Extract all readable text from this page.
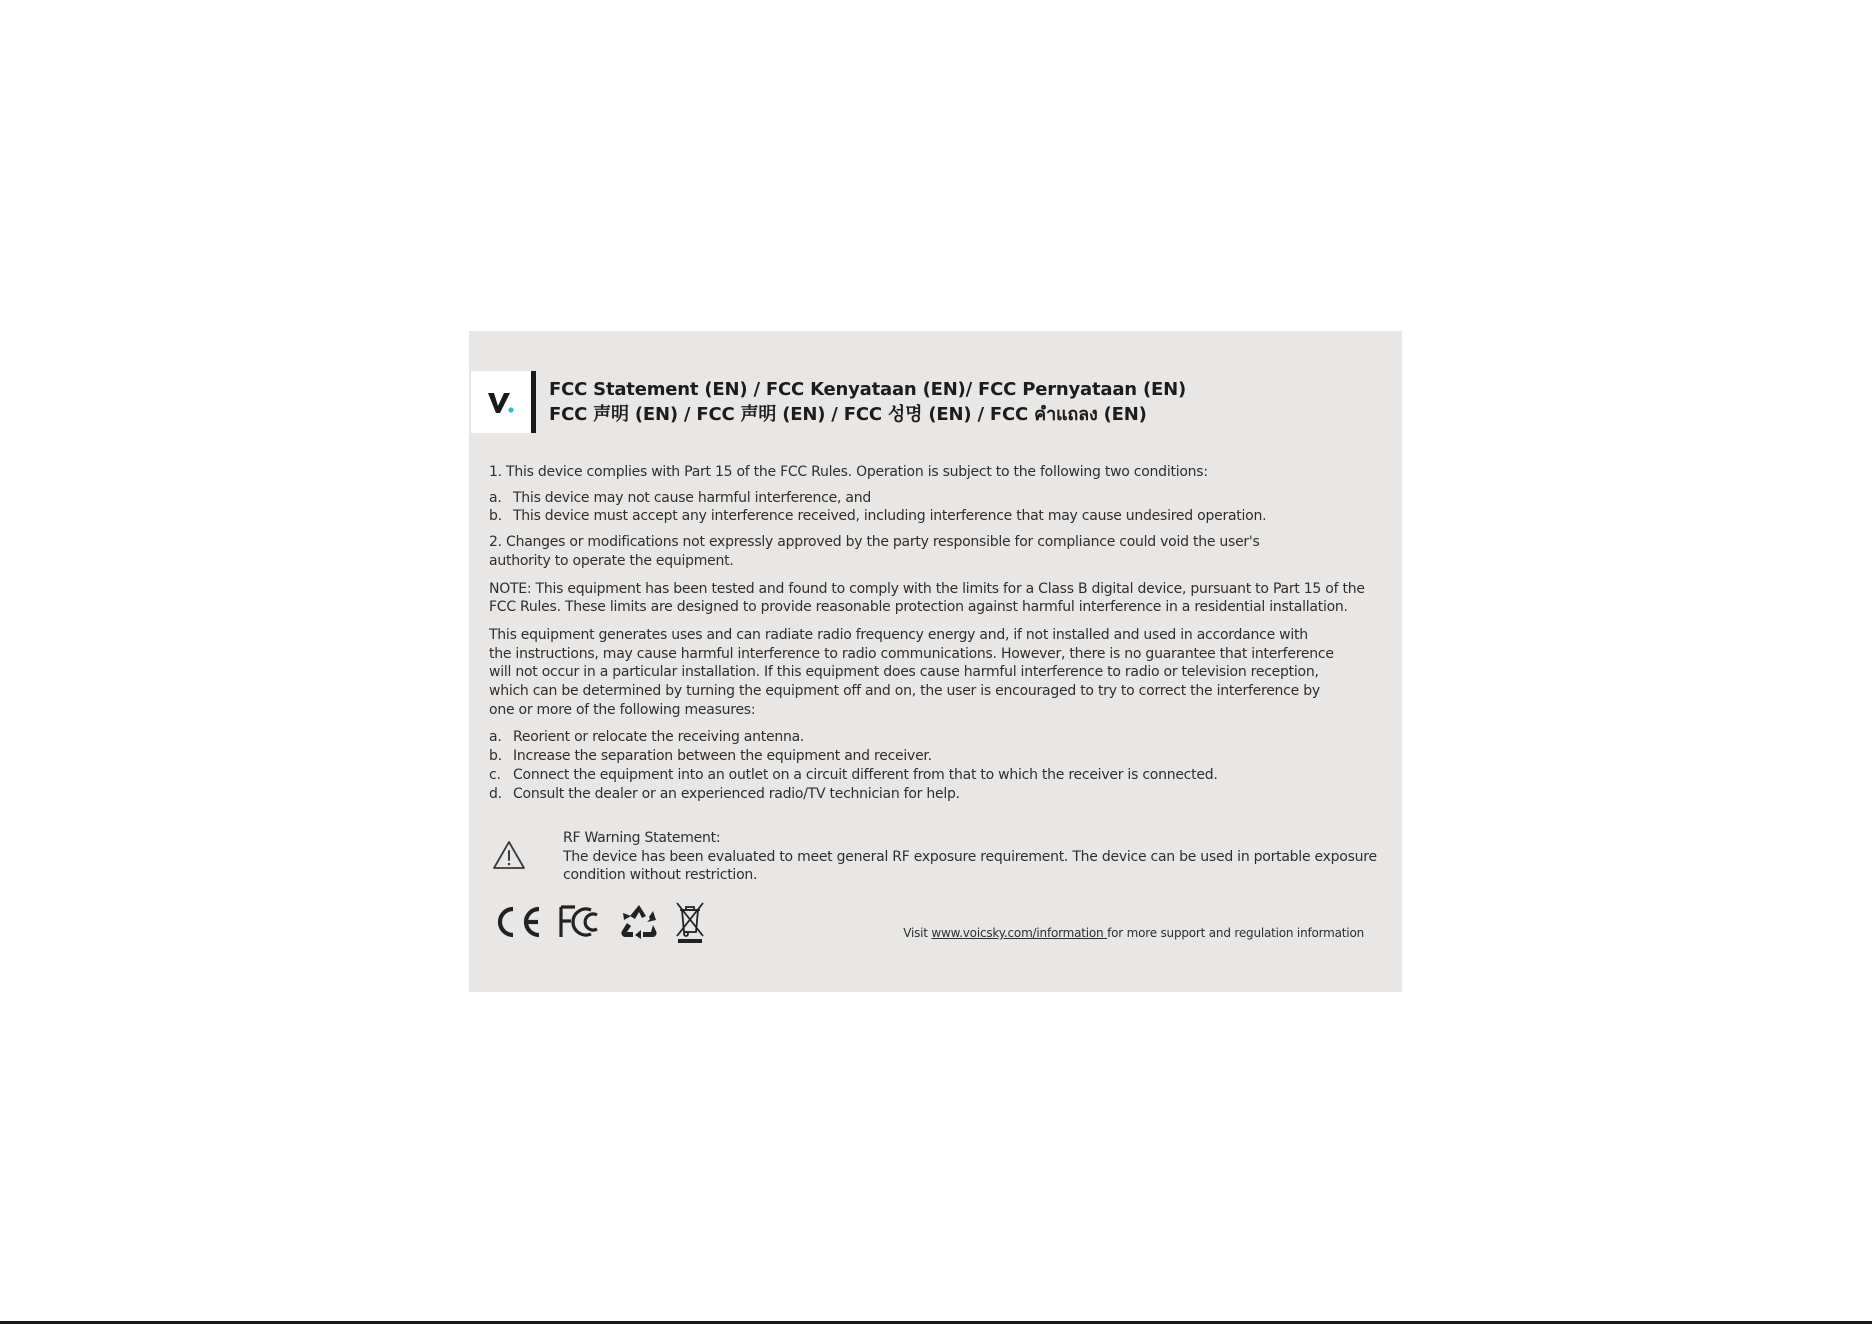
FCC Statement (EN) / FCC Kenyataan (EN)/ FCC Pernyataan (EN)
FCC 声明 (EN) / FCC 声明 (EN) / FCC 성명 (EN) / FCC คำแถลง (EN)

1. This device complies with Part 15 of the FCC Rules. Operation is subject to the following two conditions:

a. This device may not cause harmful interference, and
b. This device must accept any interference received, including interference that may cause undesired operation.

2. Changes or modifications not expressly approved by the party responsible for compliance could void the user's

authority to operate the equipment.

NOTE: This equipment has been tested and found to comply with the limits for a Class B digital device, pursuant to Part 15 of the

FCC Rules. These limits are designed to provide reasonable protection against harmful interference in a residential installation.

This equipment generates uses and can radiate radio frequency energy and, if not installed and used in accordance with

the instructions, may cause harmful interference to radio communications. However, there is no guarantee that interference

will not occur in a particular installation. If this equipment does cause harmful interference to radio or television reception,

which can be determined by turning the equipment off and on, the user is encouraged to try to correct the interference by

one or more of the following measures:

a. Reorient or relocate the receiving antenna.
b. Increase the separation between the equipment and receiver.
c. Connect the equipment into an outlet on a circuit different from that to which the receiver is connected.
d. Consult the dealer or an experienced radio/TV technician for help.

RF Warning Statement:

The device has been evaluated to meet general RF exposure requirement. The device can be used in portable exposure

condition without restriction.

Visit www.voicsky.com/information for more support and regulation information
